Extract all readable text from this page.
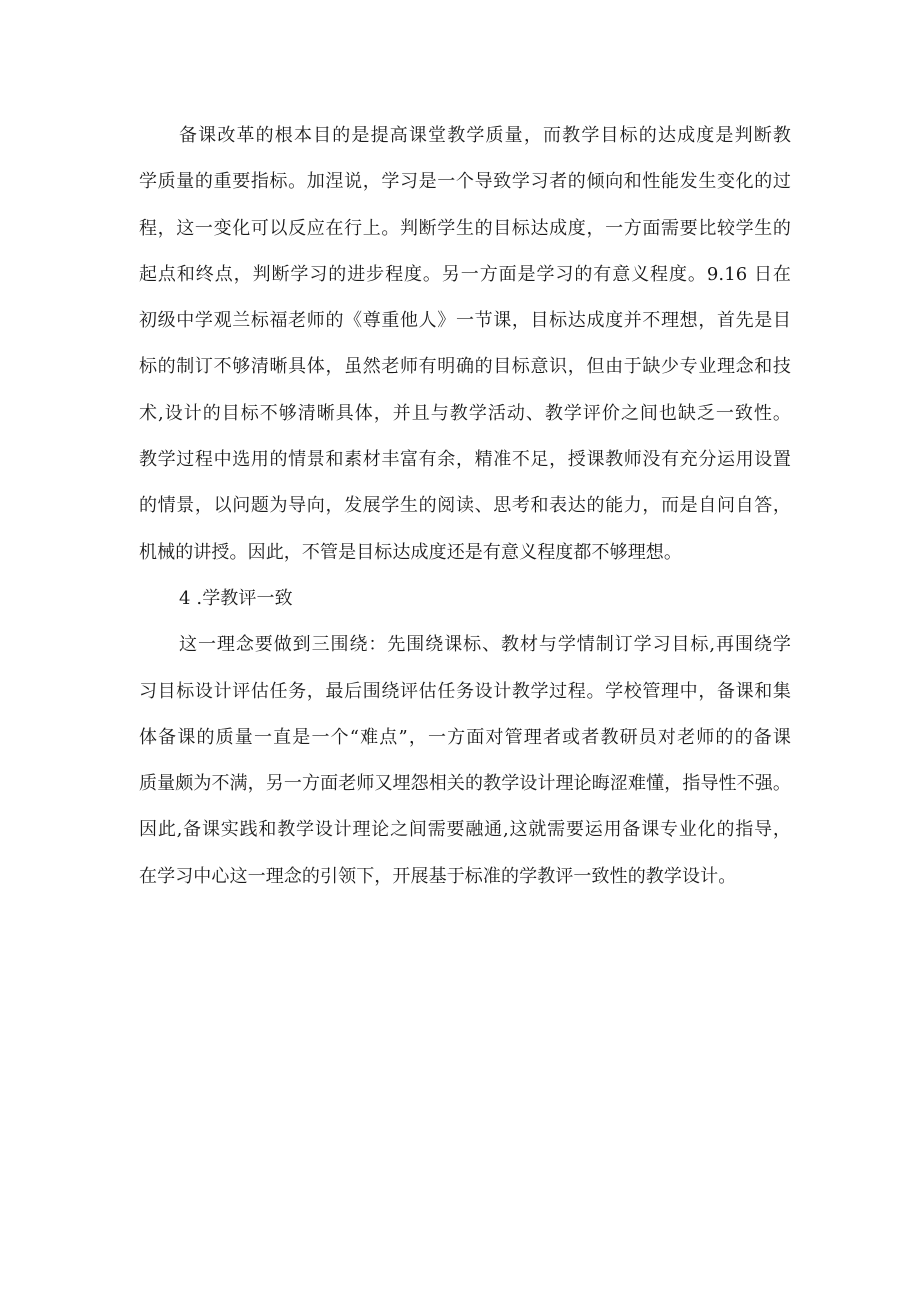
备课改革的根本目的是提高课堂教学质量，而教学目标的达成度是判断教
学质量的重要指标。加涅说，学习是一个导致学习者的倾向和性能发生变化的过
程，这一变化可以反应在行上。判断学生的目标达成度，一方面需要比较学生的
起点和终点，判断学习的进步程度。另一方面是学习的有意义程度。9.16 日在
初级中学观兰标福老师的《尊重他人》一节课，目标达成度并不理想，首先是目
标的制订不够清晰具体，虽然老师有明确的目标意识，但由于缺少专业理念和技
术,设计的目标不够清晰具体，并且与教学活动、教学评价之间也缺乏一致性。
教学过程中选用的情景和素材丰富有余，精准不足，授课教师没有充分运用设置
的情景，以问题为导向，发展学生的阅读、思考和表达的能力，而是自问自答，
机械的讲授。因此，不管是目标达成度还是有意义程度都不够理想。
4 .学教评一致
这一理念要做到三围绕：先围绕课标、教材与学情制订学习目标,再围绕学
习目标设计评估任务，最后围绕评估任务设计教学过程。学校管理中，备课和集
体备课的质量一直是一个“难点”，一方面对管理者或者教研员对老师的的备课
质量颇为不满，另一方面老师又埋怨相关的教学设计理论晦涩难懂，指导性不强。
因此,备课实践和教学设计理论之间需要融通,这就需要运用备课专业化的指导，
在学习中心这一理念的引领下，开展基于标准的学教评一致性的教学设计。
